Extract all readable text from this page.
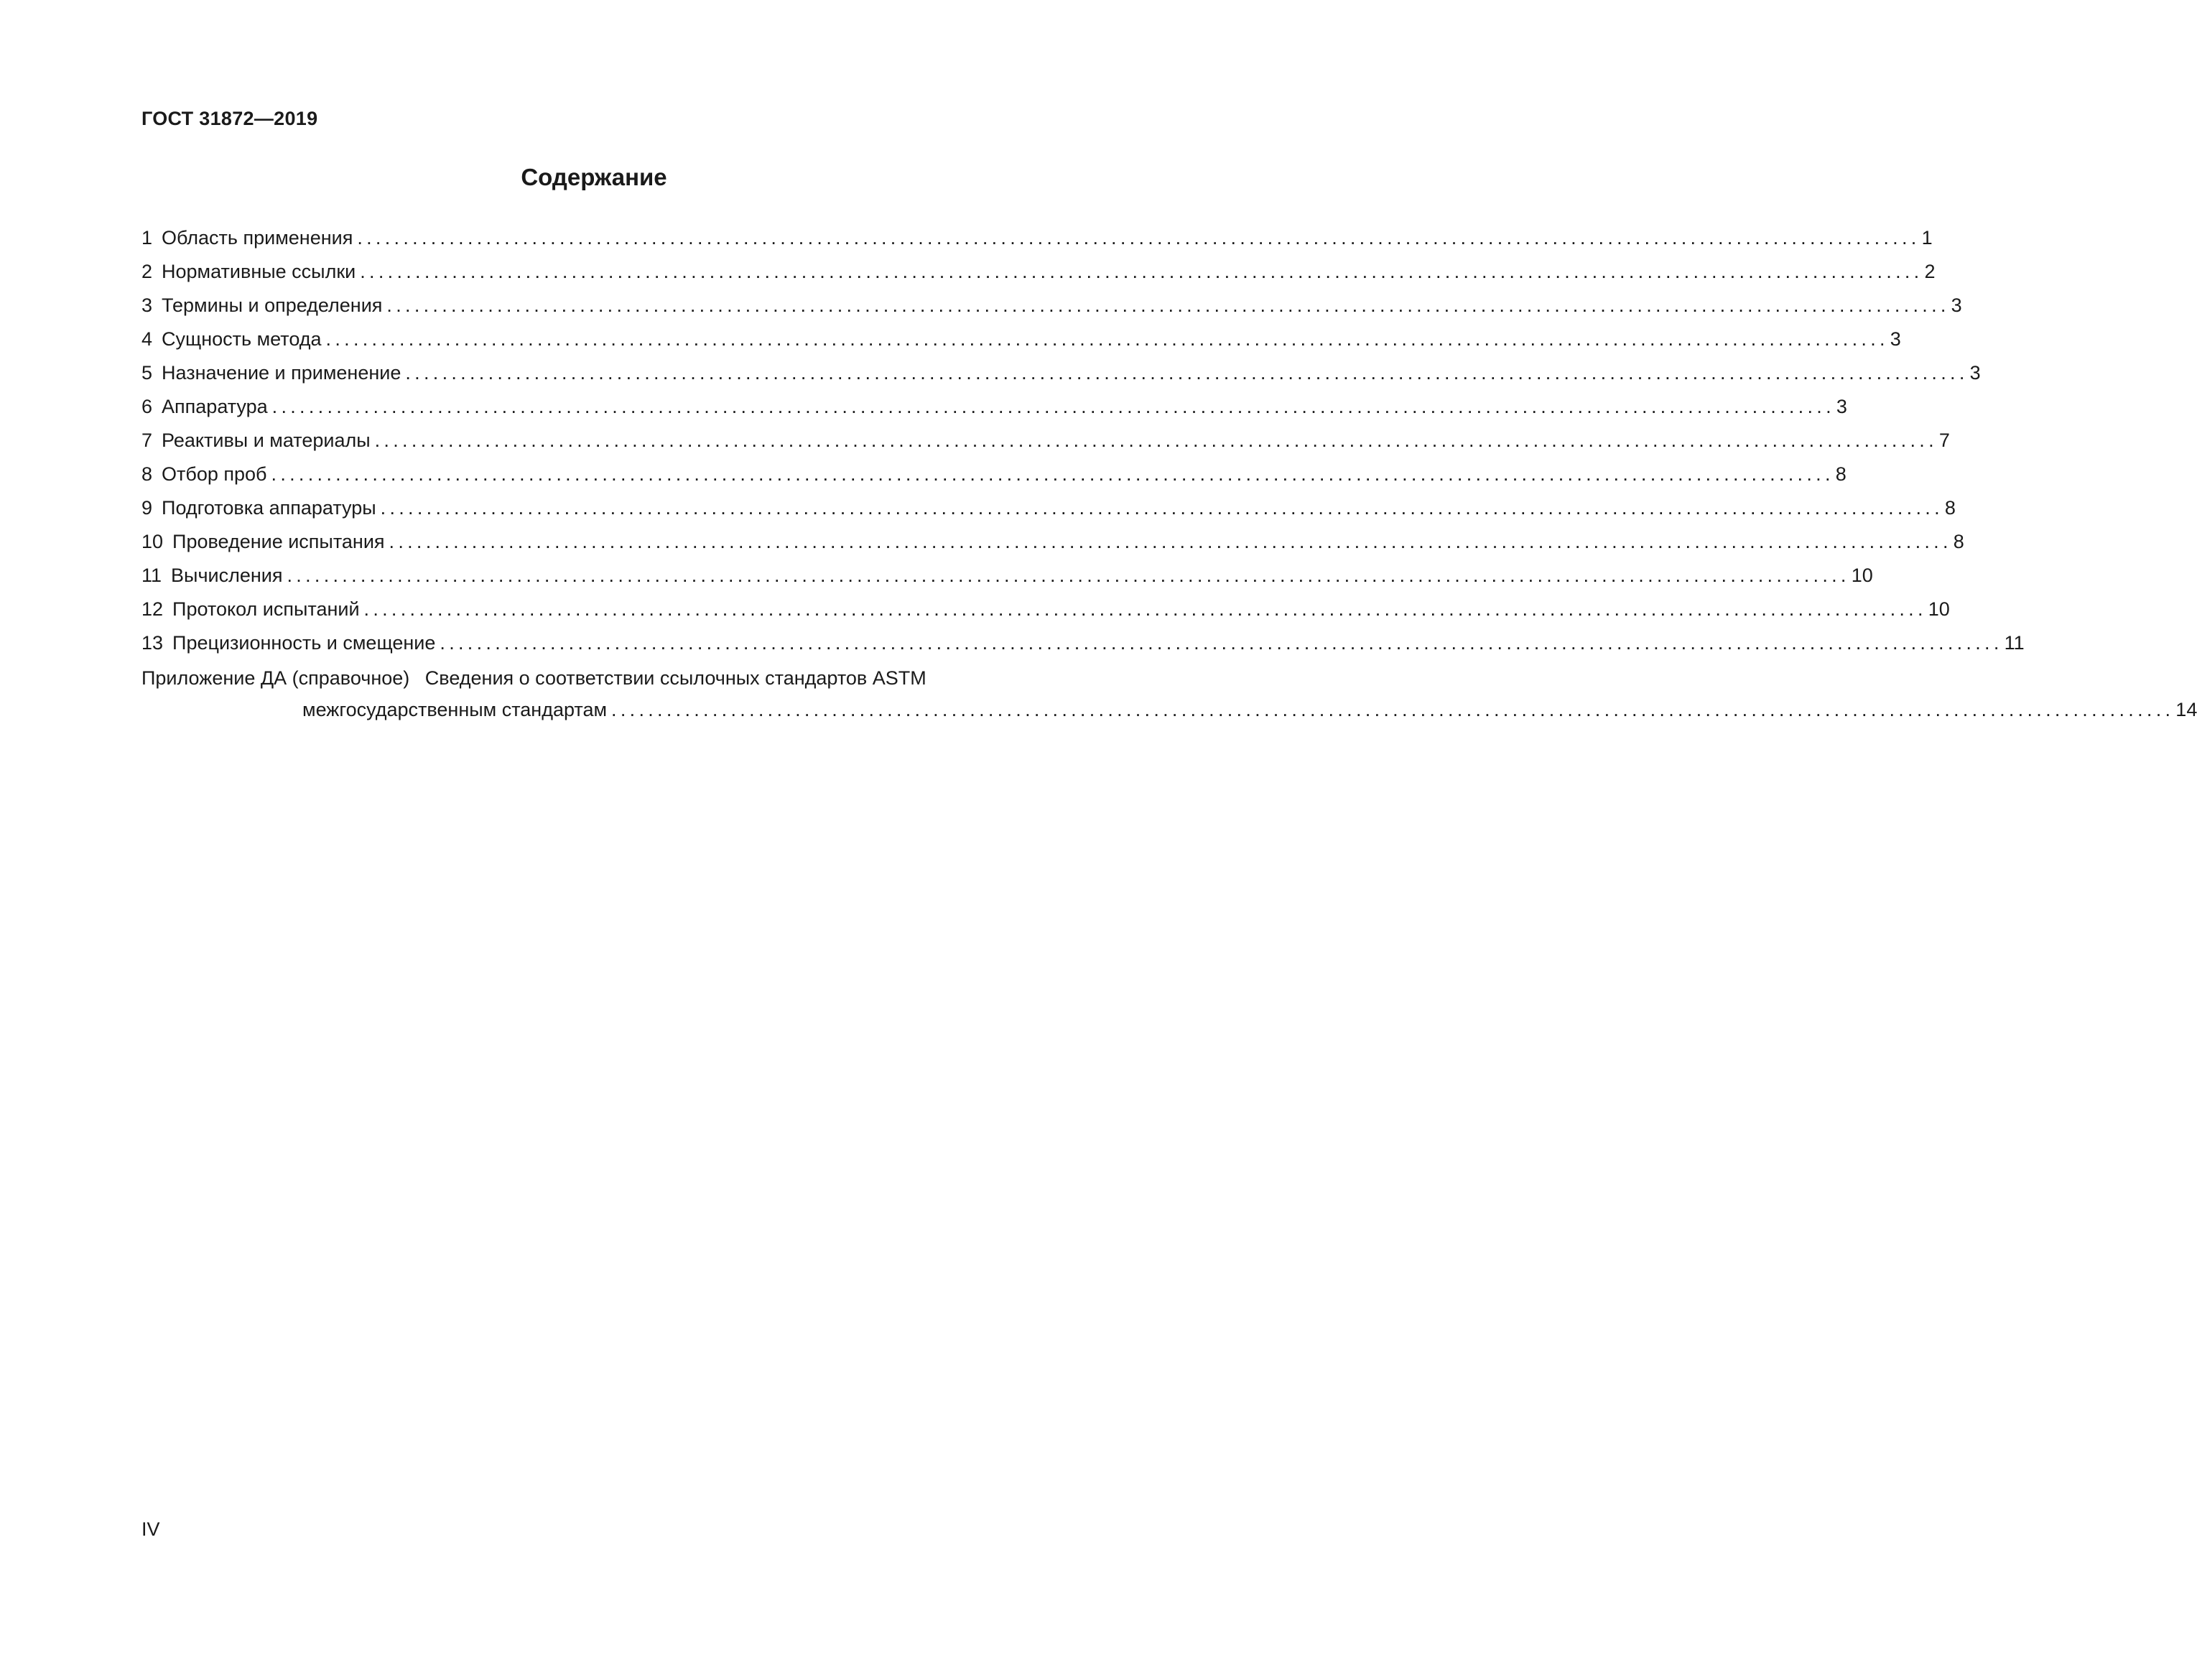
ГОСТ 31872—2019
Содержание
1 Область применения .......................................................................................................................................................................... 1
2 Нормативные ссылки .......................................................................................................................................................................... 2
3 Термины и определения .......................................................................................................................................................................... 3
4 Сущность метода .......................................................................................................................................................................... 3
5 Назначение и применение .......................................................................................................................................................................... 3
6 Аппаратура .......................................................................................................................................................................... 3
7 Реактивы и материалы .......................................................................................................................................................................... 7
8 Отбор проб .......................................................................................................................................................................... 8
9 Подготовка аппаратуры .......................................................................................................................................................................... 8
10 Проведение испытания .......................................................................................................................................................................... 8
11 Вычисления .......................................................................................................................................................................... 10
12 Протокол испытаний .......................................................................................................................................................................... 10
13 Прецизионность и смещение .......................................................................................................................................................................... 11
Приложение ДА (справочное) Сведения о соответствии ссылочных стандартов ASTM
межгосударственным стандартам .......................................................................................................................................................................... 14
IV
